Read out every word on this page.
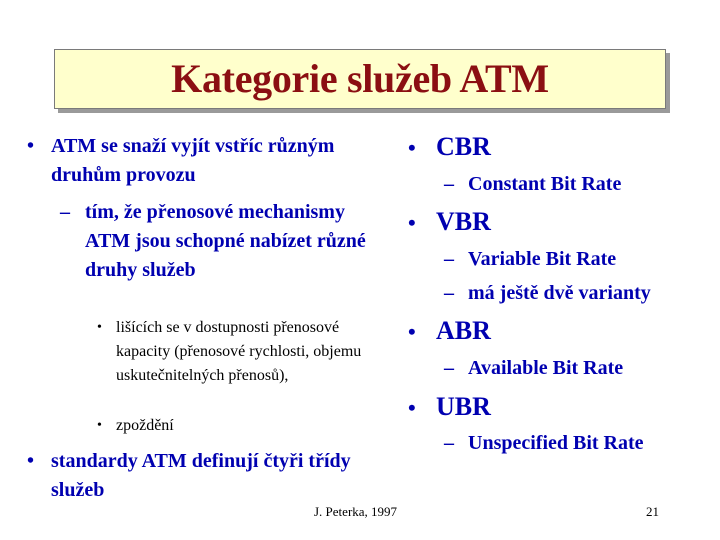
Kategorie služeb ATM
• ATM se snaží vyjít vstříc různým druhům provozu
– tím, že přenosové mechanismy ATM jsou schopné nabízet různé druhy služeb
• lišících se v dostupnosti přenosové kapacity (přenosové rychlosti, objemu uskutečnitelných přenosů),
• zpoždění
• standardy ATM definují čtyři třídy služeb
• CBR
– Constant Bit Rate
• VBR
– Variable Bit Rate
– má ještě dvě varianty
• ABR
– Available Bit Rate
• UBR
– Unspecified Bit Rate
J. Peterka, 1997	21
